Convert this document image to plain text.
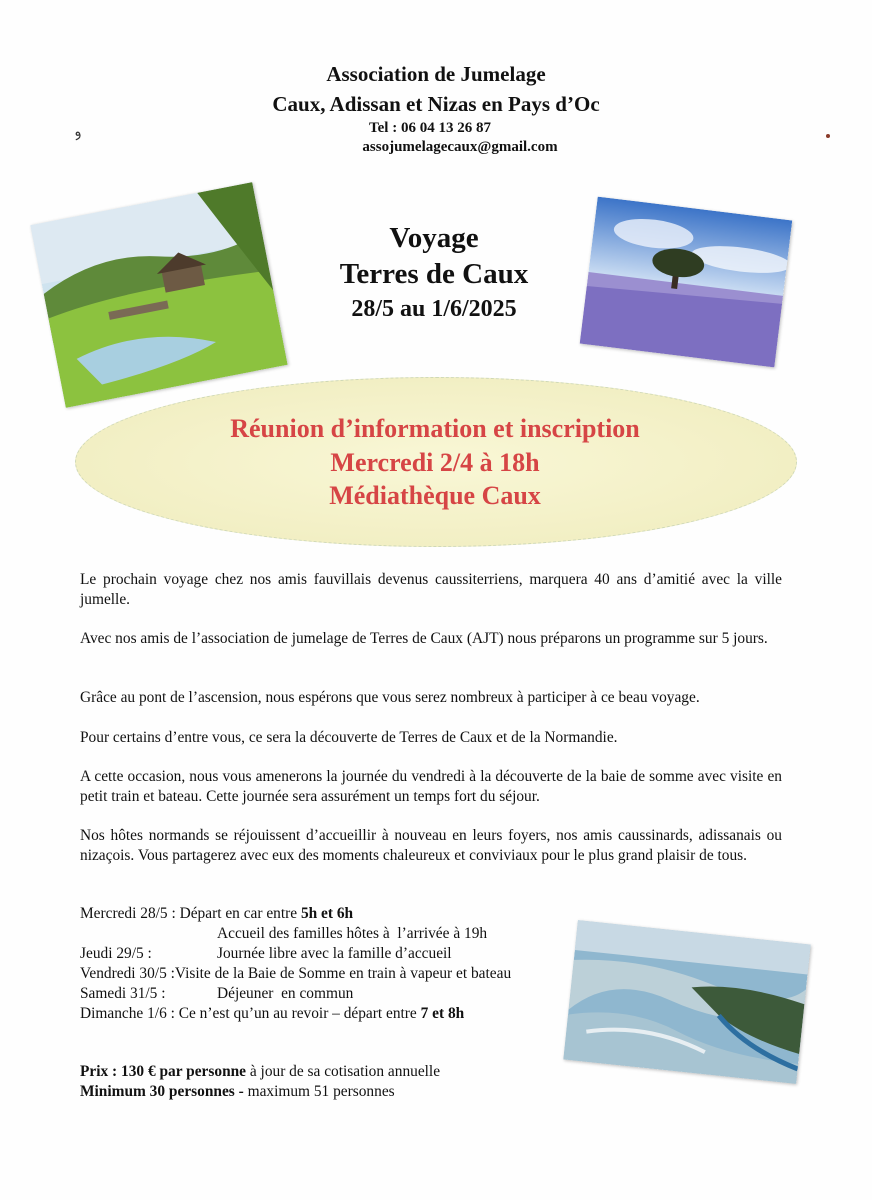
ﻭ
Association de Jumelage
Caux, Adissan et Nizas en Pays d’Oc
Tel : 06 04 13 26 87
assojumelagecaux@gmail.com
Voyage
Terres de Caux
28/5 au 1/6/2025
Réunion d’information et inscription
Mercredi 2/4 à 18h
Médiathèque Caux
Le prochain voyage chez nos amis fauvillais devenus caussiterriens, marquera 40 ans d’amitié avec la ville jumelle.
Avec nos amis de l’association de jumelage de Terres de Caux (AJT) nous préparons un programme sur 5 jours.
Grâce au pont de l’ascension, nous espérons que vous serez nombreux à participer à ce beau voyage.
Pour certains d’entre vous, ce sera la découverte de Terres de Caux et de la Normandie.
A cette occasion, nous vous amenerons la journée du vendredi à la découverte de la baie de somme avec visite en petit train et bateau. Cette journée sera assurément un temps fort du séjour.
Nos hôtes normands se réjouissent d’accueillir à nouveau en leurs foyers, nos amis caussinards, adissanais ou nizaçois. Vous partagerez avec eux des moments chaleureux et conviviaux pour le plus grand plaisir de tous.
Mercredi 28/5 : Départ en car entre 5h et 6h
Accueil des familles hôtes à  l’arrivée à 19h
Jeudi 29/5 :	Journée libre avec la famille d’accueil
Vendredi 30/5 :Visite de la Baie de Somme en train à vapeur et bateau
Samedi 31/5 :	Déjeuner  en commun
Dimanche 1/6 : Ce n’est qu’un au revoir – départ entre 7 et 8h
Prix : 130 € par personne à jour de sa cotisation annuelle
Minimum 30 personnes - maximum 51 personnes
